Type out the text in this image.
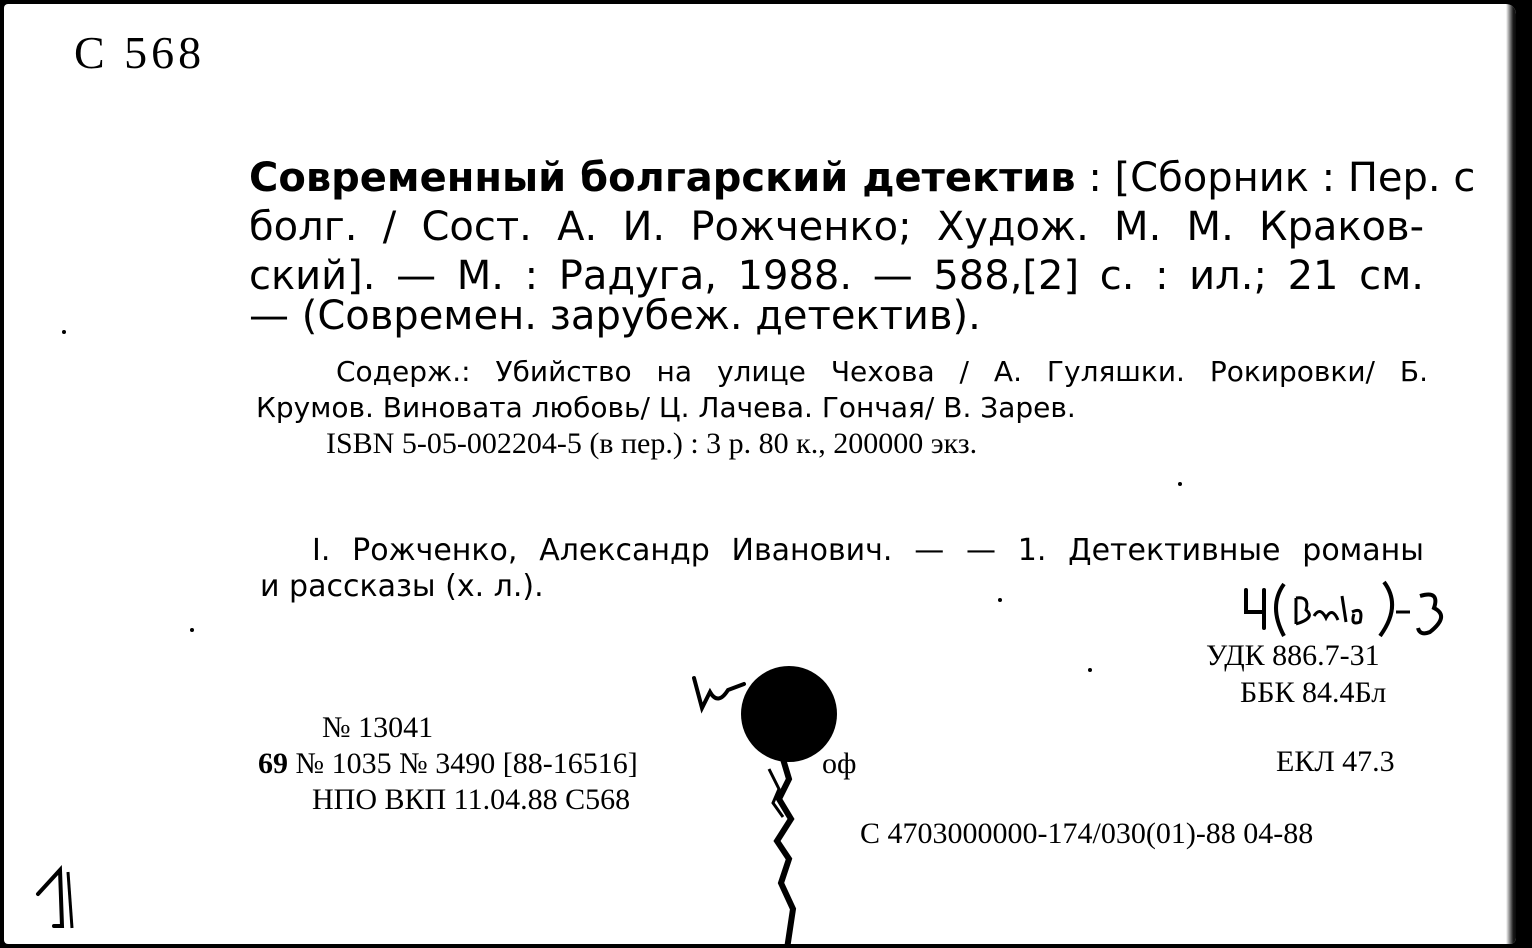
С 568
Современный болгарский детектив : [Сборник : Пер. с
болг. / Сост. А. И. Рожченко; Худож. М. М. Краков-
ский]. — М. : Радуга, 1988. — 588,[2] с. : ил.; 21 см.
— (Современ. зарубеж. детектив).
Содерж.: Убийство на улице Чехова / А. Гуляшки. Рокировки/ Б.
Крумов. Виновата любовь/ Ц. Лачева. Гончая/ В. Зарев.
ISBN 5-05-002204-5 (в пер.) : 3 р. 80 к., 200000 экз.
I. Рожченко, Александр Иванович. — — 1. Детективные романы
и рассказы (х. л.).
УДК 886.7-31
ББК 84.4Бл
ЕКЛ 47.3
№ 13041
69 № 1035 № 3490 [88-16516]	оф
НПО ВКП 11.04.88 С568
С 4703000000-174/030(01)-88 04-88
